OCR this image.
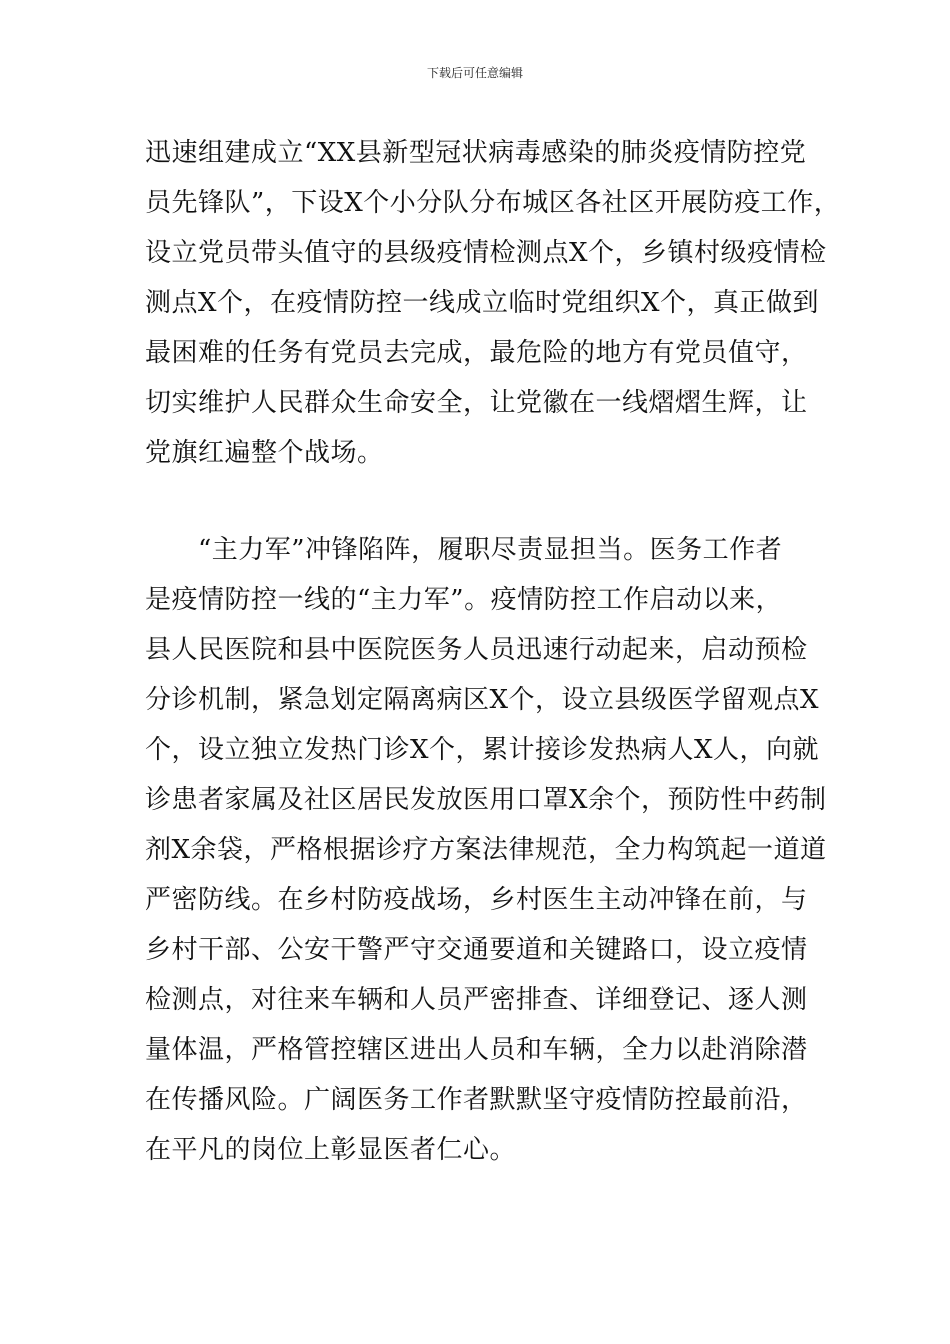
下载后可任意编辑
迅速组建成立“XX县新型冠状病毒感染的肺炎疫情防控党
员先锋队”，下设X个小分队分布城区各社区开展防疫工作，
设立党员带头值守的县级疫情检测点X个，乡镇村级疫情检
测点X个，在疫情防控一线成立临时党组织X个，真正做到
最困难的任务有党员去完成，最危险的地方有党员值守，
切实维护人民群众生命安全，让党徽在一线熠熠生辉，让
党旗红遍整个战场。
　　“主力军”冲锋陷阵，履职尽责显担当。医务工作者
是疫情防控一线的“主力军”。疫情防控工作启动以来，
县人民医院和县中医院医务人员迅速行动起来，启动预检
分诊机制，紧急划定隔离病区X个，设立县级医学留观点X
个，设立独立发热门诊X个，累计接诊发热病人X人，向就
诊患者家属及社区居民发放医用口罩X余个，预防性中药制
剂X余袋，严格根据诊疗方案法律规范，全力构筑起一道道
严密防线。在乡村防疫战场，乡村医生主动冲锋在前，与
乡村干部、公安干警严守交通要道和关键路口，设立疫情
检测点，对往来车辆和人员严密排查、详细登记、逐人测
量体温，严格管控辖区进出人员和车辆，全力以赴消除潜
在传播风险。广阔医务工作者默默坚守疫情防控最前沿，
在平凡的岗位上彰显医者仁心。
